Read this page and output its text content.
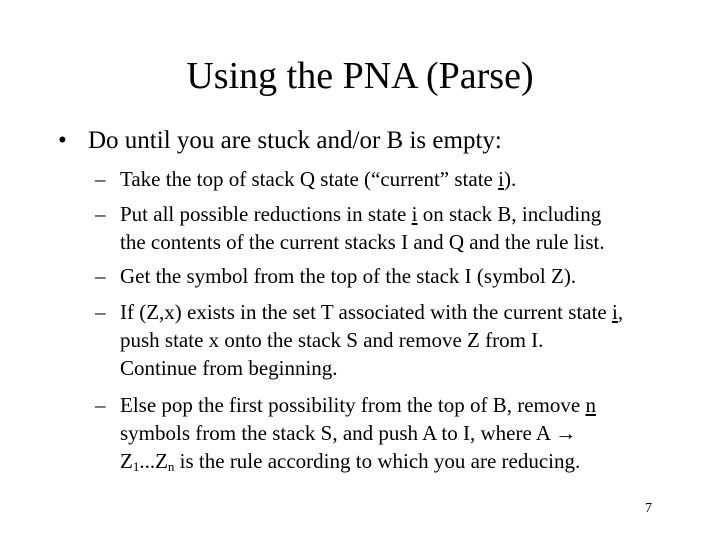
Using the PNA (Parse)
• Do until you are stuck and/or B is empty:
– Take the top of stack Q state (“current” state i).
– Put all possible reductions in state i on stack B, including
the contents of the current stacks I and Q and the rule list.
– Get the symbol from the top of the stack I (symbol Z).
– If (Z,x) exists in the set T associated with the current state i,
push state x onto the stack S and remove Z from I.
Continue from beginning.
– Else pop the first possibility from the top of B, remove n
symbols from the stack S, and push A to I, where A →
$Z_1...Z_n$ is the rule according to which you are reducing.
7
